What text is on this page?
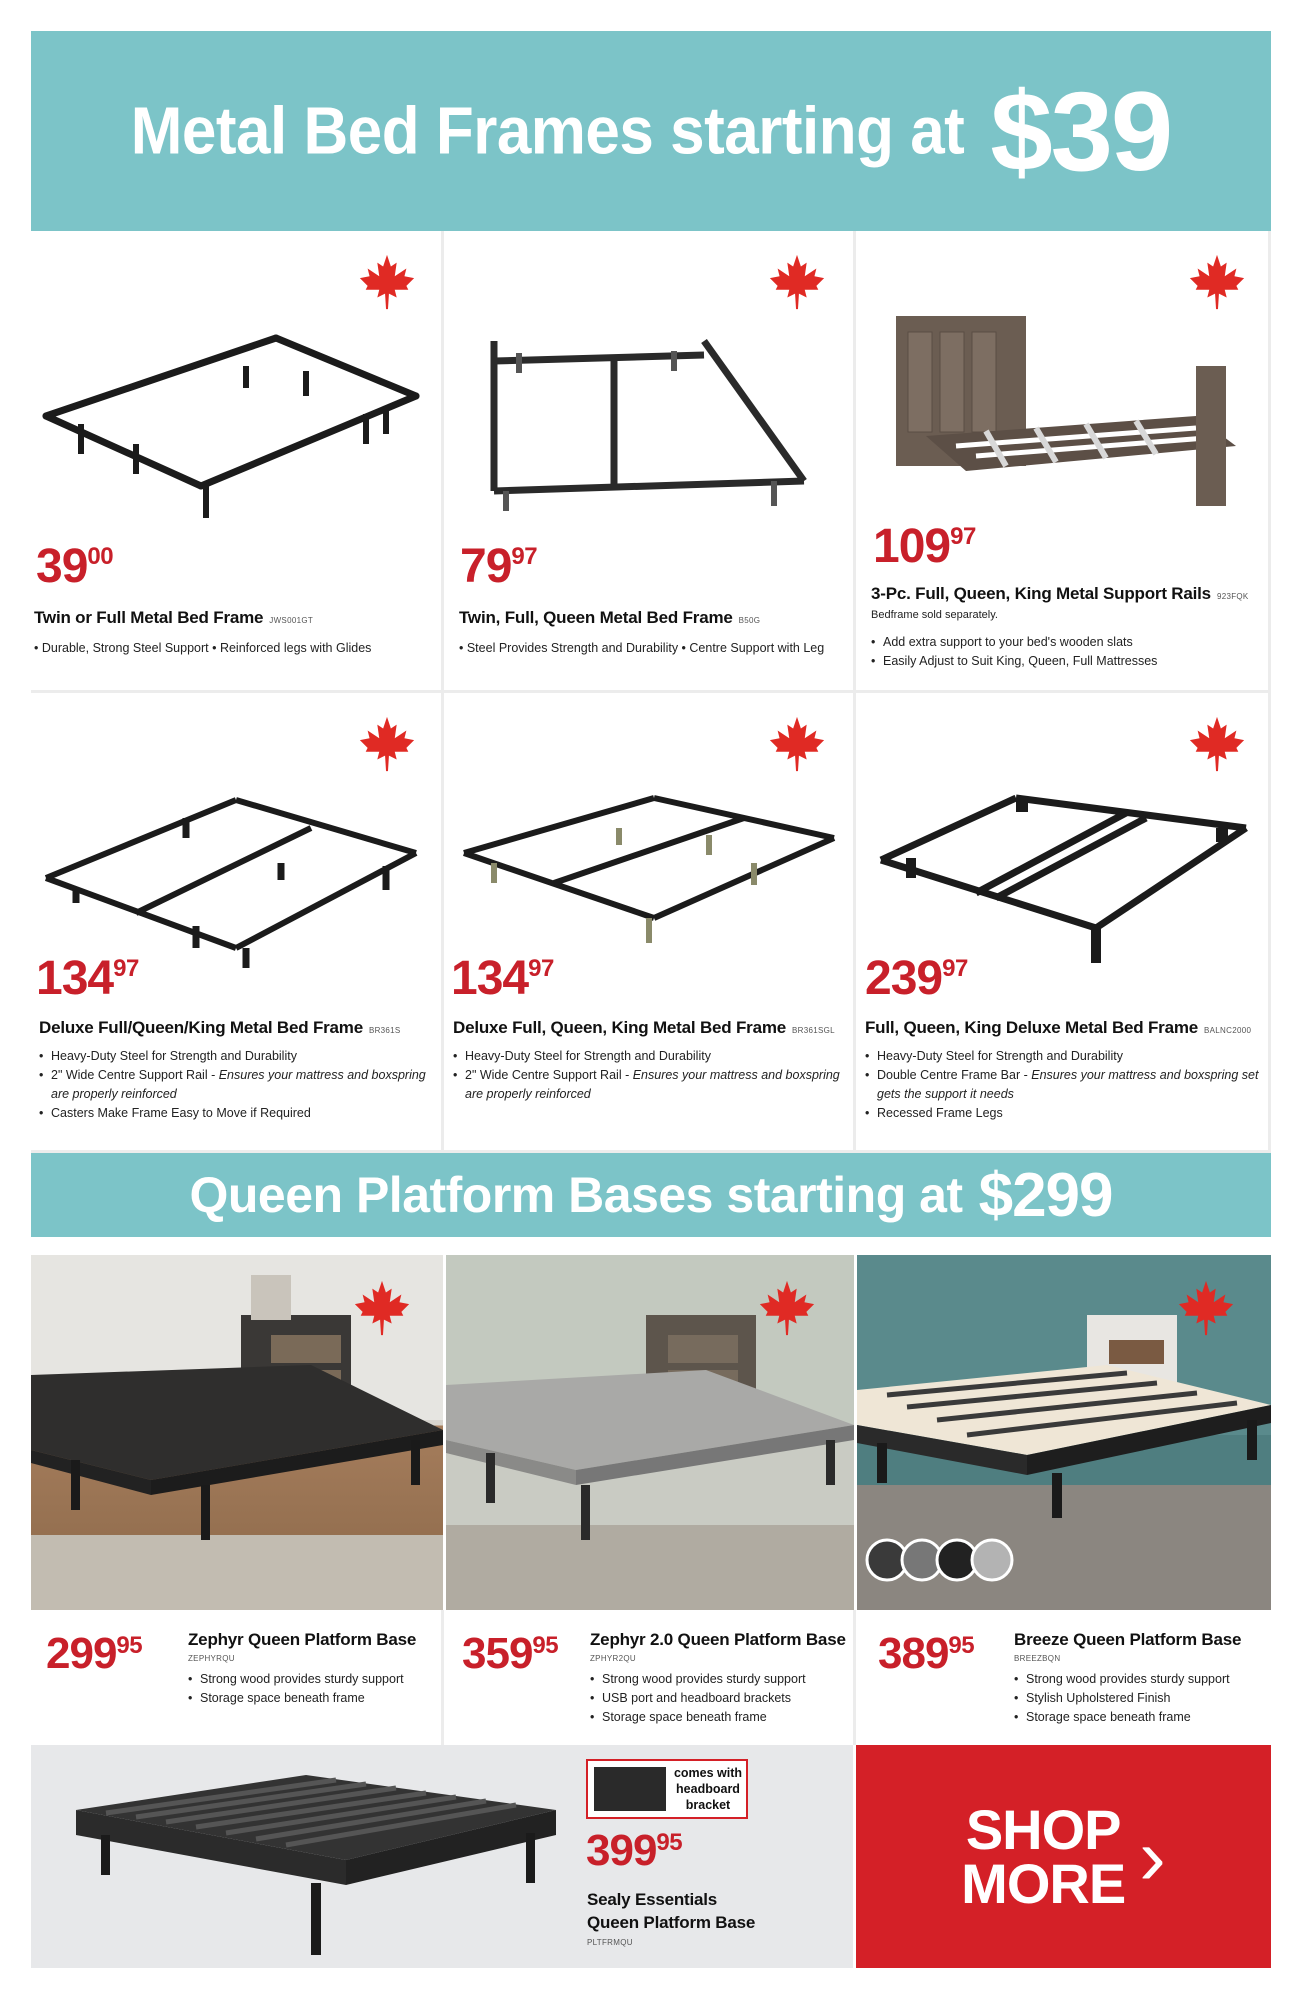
Metal Bed Frames starting at $39
3900
Twin or Full Metal Bed Frame JWS001GT
• Durable, Strong Steel Support • Reinforced legs with Glides
7997
Twin, Full, Queen Metal Bed Frame B50G
• Steel Provides Strength and Durability • Centre Support with Leg
10997
3-Pc. Full, Queen, King Metal Support Rails 923FQK
Bedframe sold separately.
• Add extra support to your bed's wooden slats
• Easily Adjust to Suit King, Queen, Full Mattresses
13497
Deluxe Full/Queen/King Metal Bed Frame BR361S
• Heavy-Duty Steel for Strength and Durability
• 2" Wide Centre Support Rail - Ensures your mattress and boxspring are properly reinforced
• Casters Make Frame Easy to Move if Required
13497
Deluxe Full, Queen, King Metal Bed Frame BR361SGL
• Heavy-Duty Steel for Strength and Durability
• 2" Wide Centre Support Rail - Ensures your mattress and boxspring are properly reinforced
23997
Full, Queen, King Deluxe Metal Bed Frame BALNC2000
• Heavy-Duty Steel for Strength and Durability
• Double Centre Frame Bar - Ensures your mattress and boxspring set gets the support it needs
• Recessed Frame Legs
Queen Platform Bases starting at $299
29995	Zephyr Queen Platform Base
ZEPHYRQU
• Strong wood provides sturdy support
• Storage space beneath frame
35995 Zephyr 2.0 Queen Platform Base
ZPHYR2QU
• Strong wood provides sturdy support
• USB port and headboard brackets
• Storage space beneath frame
38995 Breeze Queen Platform Base
BREEZBQN
• Strong wood provides sturdy support
• Stylish Upholstered Finish
• Storage space beneath frame
comes with headboard bracket
39995
Sealy Essentials
Queen Platform Base
PLTFRMQU
SHOP
MORE ›
